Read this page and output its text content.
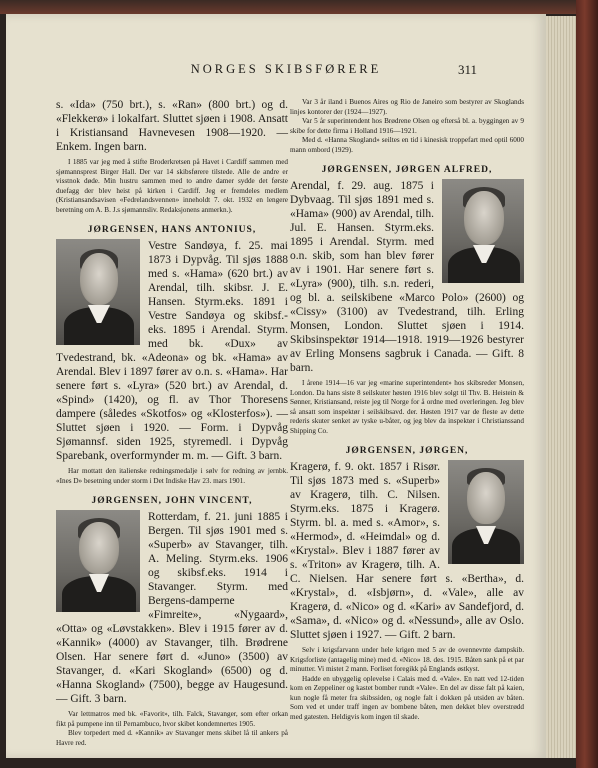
NORGES SKIBSFØRERE	311

s. «Ida» (750 brt.), s. «Ran» (800 brt.) og d. «Flekkerø» i lokalfart. Sluttet sjøen i 1908. Ansatt i Kristiansand Havnevesen 1908—1920. — Enkem. Ingen barn.

I 1885 var jeg med å stifte Broderkretsen på Havet i Cardiff sammen med sjømannsprest Birger Hall. Der var 14 skibsførere tilstede. Alle de andre er visstnok døde. Min hustru sammen med to andre damer sydde det første duefagg der blev heist på kirken i Cardiff. Jeg er fremdeles medlem (Kristiansandsavisen «Fedrelandsvennen» inneholdt 7. okt. 1932 en lengere beretning om A. B. J.s sjømannsliv. Redaksjonens anmerkn.).

JØRGENSEN, HANS ANTONIUS,

Vestre Sandøya, f. 25. mai 1873 i Dypvåg. Til sjøs 1888 med s. «Hama» (620 brt.) av Arendal, tilh. skibsr. J. E. Hansen. Styrm.eks. 1891 i Vestre Sandøya og skibsf.-eks. 1895 i Arendal. Styrm. med bk. «Dux» av Tvedestrand, bk. «Adeona» og bk. «Hama» av Arendal. Blev i 1897 fører av o.n. s. «Hama». Har senere ført s. «Lyra» (520 brt.) av Arendal, d. «Spind» (1420), og fl. av Thor Thoresens dampere (således «Skotfos» og «Klosterfos»). — Sluttet sjøen i 1920. — Form. i Dypvåg Sjømannsf. siden 1925, styremedl. i Dypvåg Sparebank, overformynder m. m. — Gift. 3 barn.

Har mottatt den italienske redningsmedalje i sølv for redning av jernbk. «Ines D» besetning under storm i Det Indiske Hav 23. mars 1901.

JØRGENSEN, JOHN VINCENT,

Rotterdam, f. 21. juni 1885 i Bergen. Til sjøs 1901 med s. «Superb» av Stavanger, tilh. A. Meling. Styrm.eks. 1906 og skibsf.eks. 1914 i Stavanger. Styrm. med Bergens-damperne «Fimreite», «Nygaard», «Otta» og «Løvstakken». Blev i 1915 fører av d. «Kannik» (4000) av Stavanger, tilh. Brødrene Olsen. Har senere ført d. «Juno» (3500) av Stavanger, d. «Kari Skogland» (6500) og d. «Hanna Skogland» (7500), begge av Haugesund. — Gift. 3 barn.

Var lettmatros med bk. «Favorit», tilh. Falck, Stavanger, som efter orkan fikt på pumpene inn til Pernambuco, hvor skibet kondemnertes 1905.

Blev torpedert med d. «Kannik» av Stavanger mens skibet lå til ankers på Havre red.

Var 3 år iland i Buenos Aires og Rio de Janeiro som bestyrer av Skoglands linjes kontorer der (1924—1927).

Var 5 år superintendent hos Brødrene Olsen og efterså bl. a. byggingen av 9 skibe for dette firma i Holland 1916—1921.

Med d. «Hanna Skogland» seiltes en tid i kinesisk troppefart med optil 6000 mann ombord (1929).

JØRGENSEN, JØRGEN ALFRED,

Arendal, f. 29. aug. 1875 i Dybvaag. Til sjøs 1891 med s. «Hama» (900) av Arendal, tilh. Jul. E. Hansen. Styrm.eks. 1895 i Arendal. Styrm. med o.n. skib, som han blev fører av i 1901. Har senere ført s. «Lyra» (900), tilh. s.n. rederi, og bl. a. seilskibene «Marco Polo» (2600) og «Cissy» (3100) av Tvedestrand, tilh. Erling Monsen, London. Sluttet sjøen i 1914. Skibsinspektør 1914—1918. 1919—1926 bestyrer av Erling Monsens sagbruk i Canada. — Gift. 8 barn.

I årene 1914—16 var jeg «marine superintendent» hos skibsreder Monsen, London. Da hans siste 8 seilskuter høsten 1916 blev solgt til Thv. B. Heistein & Sønner, Kristiansand, reiste jeg til Norge for å ordne med overleringen. Jeg blev så ansatt som inspektør i seilskibsavd. der. Høsten 1917 var de fleste av dette rederis skuter senket av tyske u-båter, og jeg blev da inspektør i Christianssand Shipping Co.

JØRGENSEN, JØRGEN,

Kragerø, f. 9. okt. 1857 i Risør. Til sjøs 1873 med s. «Superb» av Kragerø, tilh. C. Nilsen. Styrm.eks. 1875 i Kragerø. Styrm. bl. a. med s. «Amor», s. «Hermod», d. «Heimdal» og d. «Krystal». Blev i 1887 fører av s. «Triton» av Kragerø, tilh. A. C. Nielsen. Har senere ført s. «Bertha», d. «Krystal», d. «Isbjørn», d. «Vale», alle av Kragerø, d. «Nico» og d. «Kari» av Sandefjord, d. «Sama», d. «Nico» og d. «Nessund», alle av Oslo. Sluttet sjøen i 1927. — Gift. 2 barn.

Selv i krigsfarvann under hele krigen med 5 av de ovennevnte dampskib. Krigsforliste (antagelig mine) med d. «Nico» 18. des. 1915. Båten sank på et par minutter. Vi mistet 2 mann. Forliset foregikk på Englands østkyst.

Hadde en ubyggelig oplevelse i Calais med d. «Vale». En natt ved 12-tiden kom en Zeppeliner og kastet bomber rundt «Vale». En del av disse falt på kaien, kun nogle få meter fra skibssiden, og nogle falt i dokken på utsiden av båten. Som ved et under traff ingen av bombene båten, men dekket blev overstrødd med gatesten. Heldigvis kom ingen til skade.
